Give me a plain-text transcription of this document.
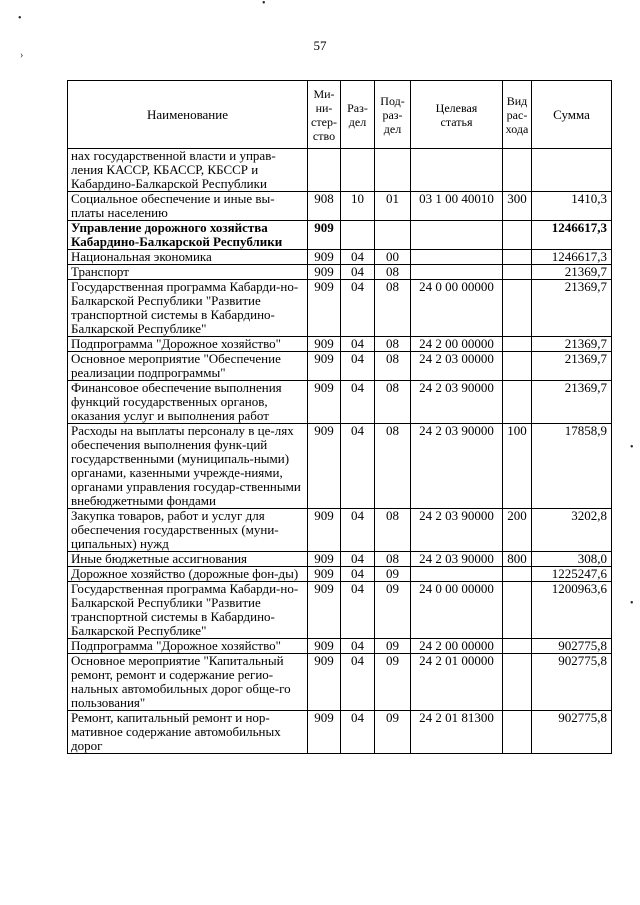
•
•
›
•
•
57
Наименование	Ми-
ни-
стер-
ство	Раз-
дел	Под-
раз-
дел	Целевая
статья	Вид
рас-
хода	Сумма
нах государственной власти и управ-ления КАССР, КБАССР, КБССР и Кабардино-Балкарской Республики						
Социальное обеспечение и иные вы-платы населению	908	10	01	03 1 00 40010	300	1410,3
Управление дорожного хозяйства Кабардино-Балкарской Республики	909					1246617,3
Национальная экономика	909	04	00			1246617,3
Транспорт	909	04	08			21369,7
Государственная программа Кабарди-но-Балкарской Республики "Развитие транспортной системы в Кабардино-Балкарской Республике"	909	04	08	24 0 00 00000		21369,7
Подпрограмма "Дорожное хозяйство"	909	04	08	24 2 00 00000		21369,7
Основное мероприятие "Обеспечение реализации подпрограммы"	909	04	08	24 2 03 00000		21369,7
Финансовое обеспечение выполнения функций государственных органов, оказания услуг и выполнения работ	909	04	08	24 2 03 90000		21369,7
Расходы на выплаты персоналу в це-лях обеспечения выполнения функ-ций государственными (муниципаль-ными) органами, казенными учрежде-ниями, органами управления государ-ственными внебюджетными фондами	909	04	08	24 2 03 90000	100	17858,9
Закупка товаров, работ и услуг для обеспечения государственных (муни-ципальных) нужд	909	04	08	24 2 03 90000	200	3202,8
Иные бюджетные ассигнования	909	04	08	24 2 03 90000	800	308,0
Дорожное хозяйство (дорожные фон-ды)	909	04	09			1225247,6
Государственная программа Кабарди-но-Балкарской Республики "Развитие транспортной системы в Кабардино-Балкарской Республике"	909	04	09	24 0 00 00000		1200963,6
Подпрограмма "Дорожное хозяйство"	909	04	09	24 2 00 00000		902775,8
Основное мероприятие "Капитальный ремонт, ремонт и содержание регио-нальных автомобильных дорог обще-го пользования"	909	04	09	24 2 01 00000		902775,8
Ремонт, капитальный ремонт и нор-мативное содержание автомобильных дорог	909	04	09	24 2 01 81300		902775,8
